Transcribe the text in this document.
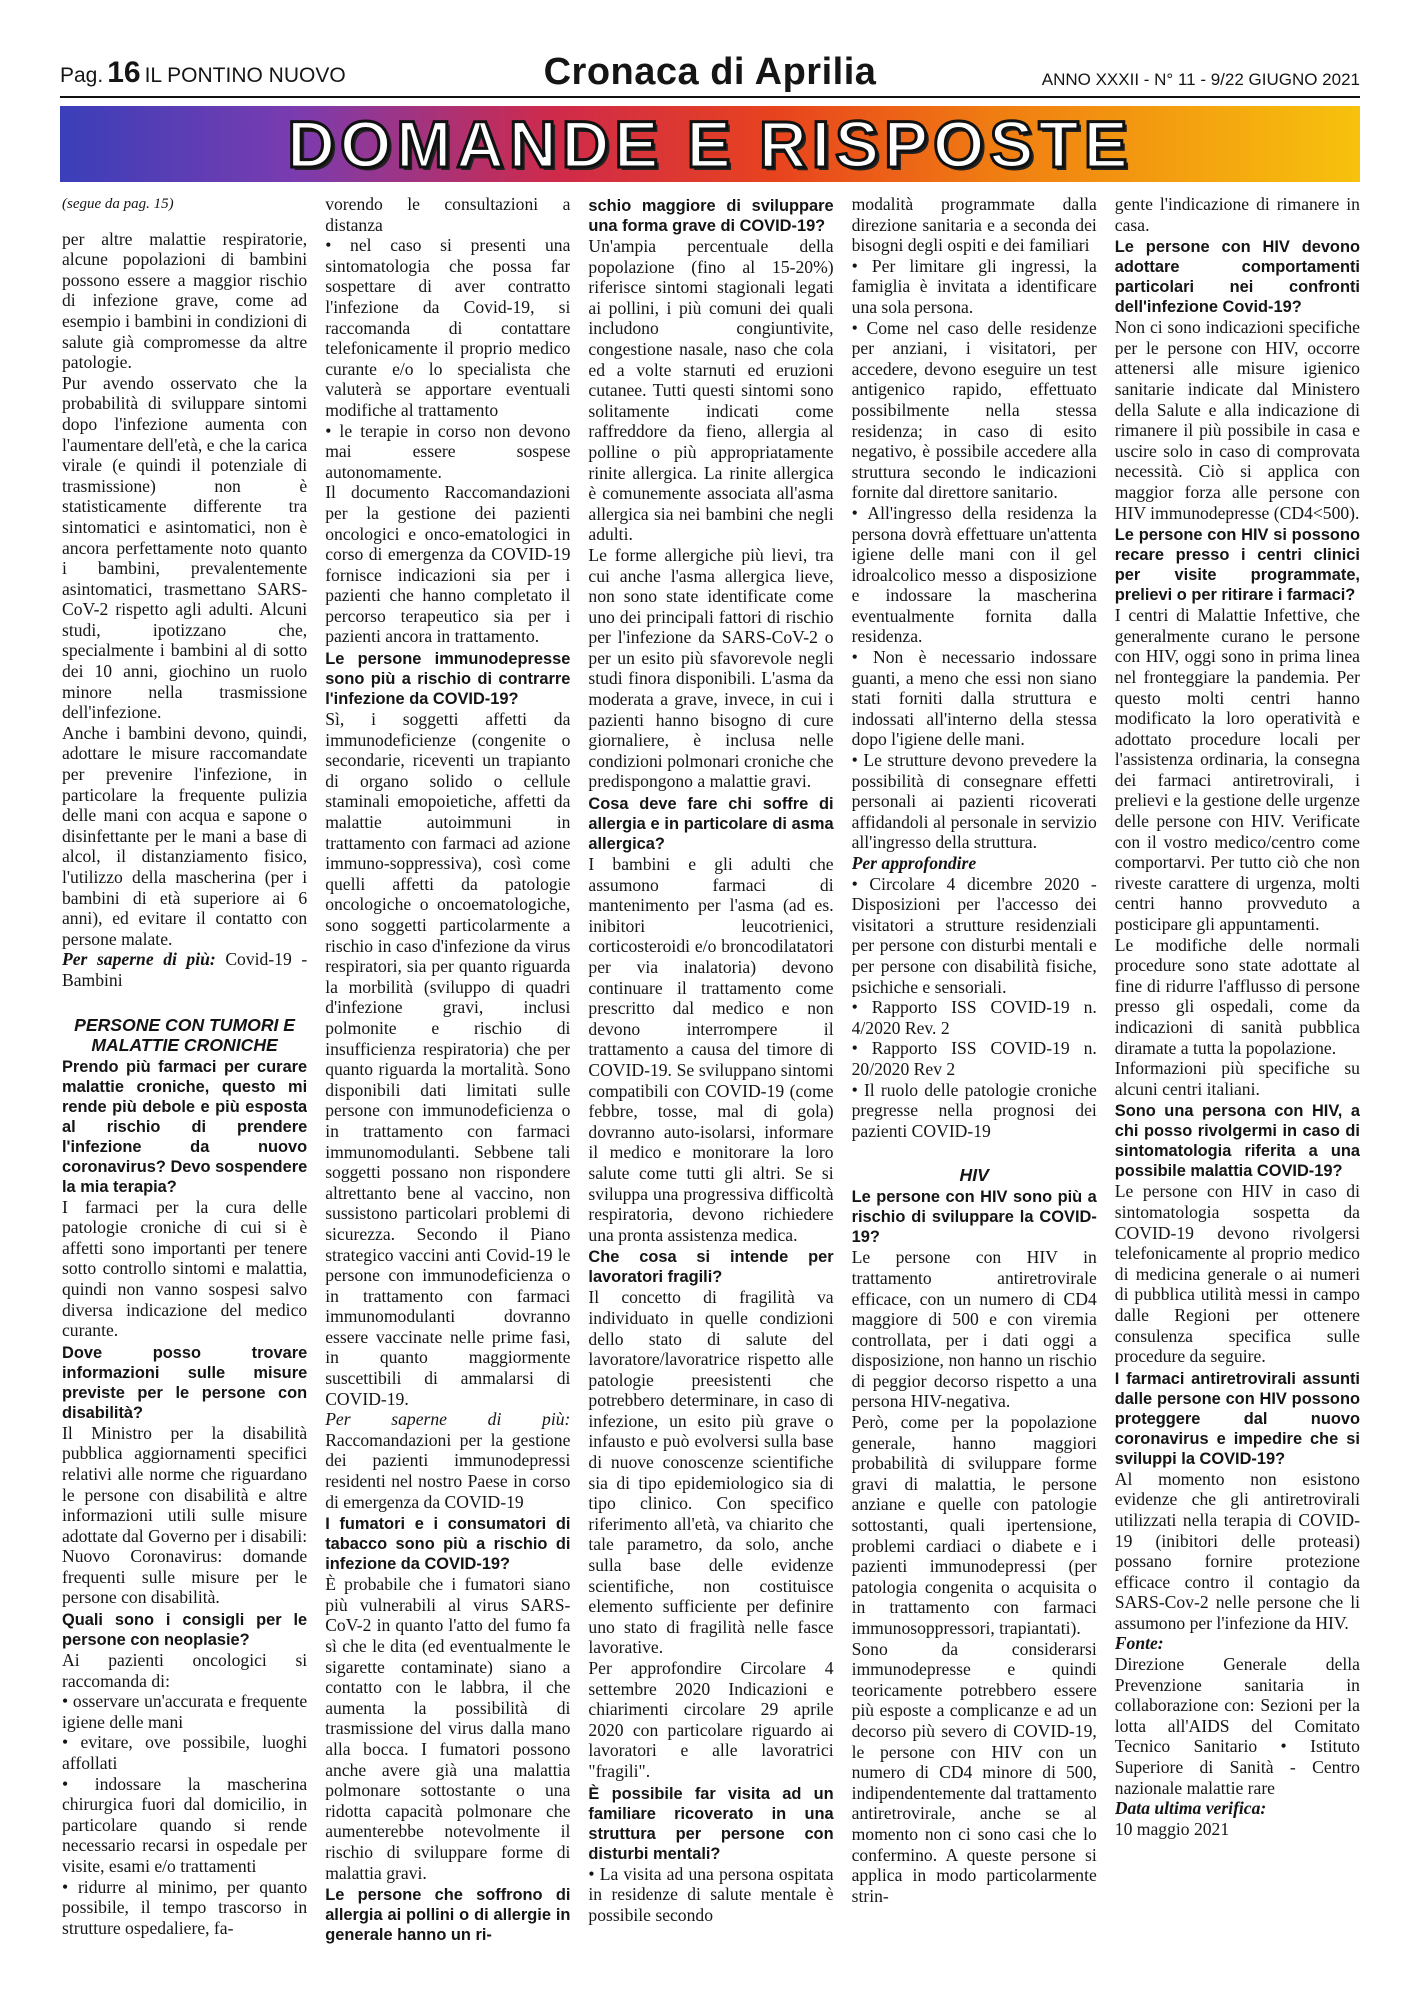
Pag. 16 IL PONTINO NUOVO	Cronaca di Aprilia	ANNO XXXII - N° 11 - 9/22 GIUGNO 2021
DOMANDE E RISPOSTE

(segue da pag. 15)

per altre malattie respiratorie, alcune popolazioni di bambini possono essere a maggior rischio di infezione grave, come ad esempio i bambini in condizioni di salute già compromesse da altre patologie.

Pur avendo osservato che la probabilità di sviluppare sintomi dopo l'infezione aumenta con l'aumentare dell'età, e che la carica virale (e quindi il potenziale di trasmissione) non è statisticamente differente tra sintomatici e asintomatici, non è ancora perfettamente noto quanto i bambini, prevalentemente asintomatici, trasmettano SARS-CoV-2 rispetto agli adulti. Alcuni studi, ipotizzano che, specialmente i bambini al di sotto dei 10 anni, giochino un ruolo minore nella trasmissione dell'infezione.

Anche i bambini devono, quindi, adottare le misure raccomandate per prevenire l'infezione, in particolare la frequente pulizia delle mani con acqua e sapone o disinfettante per le mani a base di alcol, il distanziamento fisico, l'utilizzo della mascherina (per i bambini di età superiore ai 6 anni), ed evitare il contatto con persone malate.

Per saperne di più: Covid-19 - Bambini

PERSONE CON TUMORI E MALATTIE CRONICHE

Prendo più farmaci per curare malattie croniche, questo mi rende più debole e più esposta al rischio di prendere l'infezione da nuovo coronavirus? Devo sospendere la mia terapia?

I farmaci per la cura delle patologie croniche di cui si è affetti sono importanti per tenere sotto controllo sintomi e malattia, quindi non vanno sospesi salvo diversa indicazione del medico curante.

Dove posso trovare informazioni sulle misure previste per le persone con disabilità?

Il Ministro per la disabilità pubblica aggiornamenti specifici relativi alle norme che riguardano le persone con disabilità e altre informazioni utili sulle misure adottate dal Governo per i disabili: Nuovo Coronavirus: domande frequenti sulle misure per le persone con disabilità.

Quali sono i consigli per le persone con neoplasie?

Ai pazienti oncologici si raccomanda di:

• osservare un'accurata e frequente igiene delle mani

• evitare, ove possibile, luoghi affollati

• indossare la mascherina chirurgica fuori dal domicilio, in particolare quando si rende necessario recarsi in ospedale per visite, esami e/o trattamenti

• ridurre al minimo, per quanto possibile, il tempo trascorso in strutture ospedaliere, fa-

vorendo le consultazioni a distanza

• nel caso si presenti una sintomatologia che possa far sospettare di aver contratto l'infezione da Covid-19, si raccomanda di contattare telefonicamente il proprio medico curante e/o lo specialista che valuterà se apportare eventuali modifiche al trattamento

• le terapie in corso non devono mai essere sospese autonomamente.

Il documento Raccomandazioni per la gestione dei pazienti oncologici e onco-ematologici in corso di emergenza da COVID-19 fornisce indicazioni sia per i pazienti che hanno completato il percorso terapeutico sia per i pazienti ancora in trattamento.

Le persone immunodepresse sono più a rischio di contrarre l'infezione da COVID-19?

Sì, i soggetti affetti da immunodeficienze (congenite o secondarie, riceventi un trapianto di organo solido o cellule staminali emopoietiche, affetti da malattie autoimmuni in trattamento con farmaci ad azione immuno-soppressiva), così come quelli affetti da patologie oncologiche o oncoematologiche, sono soggetti particolarmente a rischio in caso d'infezione da virus respiratori, sia per quanto riguarda la morbilità (sviluppo di quadri d'infezione gravi, inclusi polmonite e rischio di insufficienza respiratoria) che per quanto riguarda la mortalità. Sono disponibili dati limitati sulle persone con immunodeficienza o in trattamento con farmaci immunomodulanti. Sebbene tali soggetti possano non rispondere altrettanto bene al vaccino, non sussistono particolari problemi di sicurezza. Secondo il Piano strategico vaccini anti Covid-19 le persone con immunodeficienza o in trattamento con farmaci immunomodulanti dovranno essere vaccinate nelle prime fasi, in quanto maggiormente suscettibili di ammalarsi di COVID-19.

Per saperne di più: Raccomandazioni per la gestione dei pazienti immunodepressi residenti nel nostro Paese in corso di emergenza da COVID-19

I fumatori e i consumatori di tabacco sono più a rischio di infezione da COVID-19?

È probabile che i fumatori siano più vulnerabili al virus SARS-CoV-2 in quanto l'atto del fumo fa sì che le dita (ed eventualmente le sigarette contaminate) siano a contatto con le labbra, il che aumenta la possibilità di trasmissione del virus dalla mano alla bocca. I fumatori possono anche avere già una malattia polmonare sottostante o una ridotta capacità polmonare che aumenterebbe notevolmente il rischio di sviluppare forme di malattia gravi.

Le persone che soffrono di allergia ai pollini o di allergie in generale hanno un ri-

schio maggiore di sviluppare una forma grave di COVID-19?

Un'ampia percentuale della popolazione (fino al 15-20%) riferisce sintomi stagionali legati ai pollini, i più comuni dei quali includono congiuntivite, congestione nasale, naso che cola ed a volte starnuti ed eruzioni cutanee. Tutti questi sintomi sono solitamente indicati come raffreddore da fieno, allergia al polline o più appropriatamente rinite allergica. La rinite allergica è comunemente associata all'asma allergica sia nei bambini che negli adulti.

Le forme allergiche più lievi, tra cui anche l'asma allergica lieve, non sono state identificate come uno dei principali fattori di rischio per l'infezione da SARS-CoV-2 o per un esito più sfavorevole negli studi finora disponibili. L'asma da moderata a grave, invece, in cui i pazienti hanno bisogno di cure giornaliere, è inclusa nelle condizioni polmonari croniche che predispongono a malattie gravi.

Cosa deve fare chi soffre di allergia e in particolare di asma allergica?

I bambini e gli adulti che assumono farmaci di mantenimento per l'asma (ad es. inibitori leucotrienici, corticosteroidi e/o broncodilatatori per via inalatoria) devono continuare il trattamento come prescritto dal medico e non devono interrompere il trattamento a causa del timore di COVID-19. Se sviluppano sintomi compatibili con COVID-19 (come febbre, tosse, mal di gola) dovranno auto-isolarsi, informare il medico e monitorare la loro salute come tutti gli altri. Se si sviluppa una progressiva difficoltà respiratoria, devono richiedere una pronta assistenza medica.

Che cosa si intende per lavoratori fragili?

Il concetto di fragilità va individuato in quelle condizioni dello stato di salute del lavoratore/lavoratrice rispetto alle patologie preesistenti che potrebbero determinare, in caso di infezione, un esito più grave o infausto e può evolversi sulla base di nuove conoscenze scientifiche sia di tipo epidemiologico sia di tipo clinico. Con specifico riferimento all'età, va chiarito che tale parametro, da solo, anche sulla base delle evidenze scientifiche, non costituisce elemento sufficiente per definire uno stato di fragilità nelle fasce lavorative.

Per approfondire Circolare 4 settembre 2020 Indicazioni e chiarimenti circolare 29 aprile 2020 con particolare riguardo ai lavoratori e alle lavoratrici "fragili".

È possibile far visita ad un familiare ricoverato in una struttura per persone con disturbi mentali?

• La visita ad una persona ospitata in residenze di salute mentale è possibile secondo

modalità programmate dalla direzione sanitaria e a seconda dei bisogni degli ospiti e dei familiari

• Per limitare gli ingressi, la famiglia è invitata a identificare una sola persona.

• Come nel caso delle residenze per anziani, i visitatori, per accedere, devono eseguire un test antigenico rapido, effettuato possibilmente nella stessa residenza; in caso di esito negativo, è possibile accedere alla struttura secondo le indicazioni fornite dal direttore sanitario.

• All'ingresso della residenza la persona dovrà effettuare un'attenta igiene delle mani con il gel idroalcolico messo a disposizione e indossare la mascherina eventualmente fornita dalla residenza.

• Non è necessario indossare guanti, a meno che essi non siano stati forniti dalla struttura e indossati all'interno della stessa dopo l'igiene delle mani.

• Le strutture devono prevedere la possibilità di consegnare effetti personali ai pazienti ricoverati affidandoli al personale in servizio all'ingresso della struttura.

Per approfondire

• Circolare 4 dicembre 2020 - Disposizioni per l'accesso dei visitatori a strutture residenziali per persone con disturbi mentali e per persone con disabilità fisiche, psichiche e sensoriali.

• Rapporto ISS COVID-19 n. 4/2020 Rev. 2

• Rapporto ISS COVID-19 n. 20/2020 Rev 2

• Il ruolo delle patologie croniche pregresse nella prognosi dei pazienti COVID-19

HIV

Le persone con HIV sono più a rischio di sviluppare la COVID-19?

Le persone con HIV in trattamento antiretrovirale efficace, con un numero di CD4 maggiore di 500 e con viremia controllata, per i dati oggi a disposizione, non hanno un rischio di peggior decorso rispetto a una persona HIV-negativa.

Però, come per la popolazione generale, hanno maggiori probabilità di sviluppare forme gravi di malattia, le persone anziane e quelle con patologie sottostanti, quali ipertensione, problemi cardiaci o diabete e i pazienti immunodepressi (per patologia congenita o acquisita o in trattamento con farmaci immunosoppressori, trapiantati).

Sono da considerarsi immunodepresse e quindi teoricamente potrebbero essere più esposte a complicanze e ad un decorso più severo di COVID-19, le persone con HIV con un numero di CD4 minore di 500, indipendentemente dal trattamento antiretrovirale, anche se al momento non ci sono casi che lo confermino. A queste persone si applica in modo particolarmente strin-

gente l'indicazione di rimanere in casa.

Le persone con HIV devono adottare comportamenti particolari nei confronti dell'infezione Covid-19?

Non ci sono indicazioni specifiche per le persone con HIV, occorre attenersi alle misure igienico sanitarie indicate dal Ministero della Salute e alla indicazione di rimanere il più possibile in casa e uscire solo in caso di comprovata necessità. Ciò si applica con maggior forza alle persone con HIV immunodepresse (CD4<500).

Le persone con HIV si possono recare presso i centri clinici per visite programmate, prelievi o per ritirare i farmaci?

I centri di Malattie Infettive, che generalmente curano le persone con HIV, oggi sono in prima linea nel fronteggiare la pandemia. Per questo molti centri hanno modificato la loro operatività e adottato procedure locali per l'assistenza ordinaria, la consegna dei farmaci antiretrovirali, i prelievi e la gestione delle urgenze delle persone con HIV. Verificate con il vostro medico/centro come comportarvi. Per tutto ciò che non riveste carattere di urgenza, molti centri hanno provveduto a posticipare gli appuntamenti.

Le modifiche delle normali procedure sono state adottate al fine di ridurre l'afflusso di persone presso gli ospedali, come da indicazioni di sanità pubblica diramate a tutta la popolazione.

Informazioni più specifiche su alcuni centri italiani.

Sono una persona con HIV, a chi posso rivolgermi in caso di sintomatologia riferita a una possibile malattia COVID-19?

Le persone con HIV in caso di sintomatologia sospetta da COVID-19 devono rivolgersi telefonicamente al proprio medico di medicina generale o ai numeri di pubblica utilità messi in campo dalle Regioni per ottenere consulenza specifica sulle procedure da seguire.

I farmaci antiretrovirali assunti dalle persone con HIV possono proteggere dal nuovo coronavirus e impedire che si sviluppi la COVID-19?

Al momento non esistono evidenze che gli antiretrovirali utilizzati nella terapia di COVID-19 (inibitori delle proteasi) possano fornire protezione efficace contro il contagio da SARS-Cov-2 nelle persone che li assumono per l'infezione da HIV.

Fonte:

Direzione Generale della Prevenzione sanitaria in collaborazione con: Sezioni per la lotta all'AIDS del Comitato Tecnico Sanitario • Istituto Superiore di Sanità - Centro nazionale malattie rare

Data ultima verifica:

10 maggio 2021
